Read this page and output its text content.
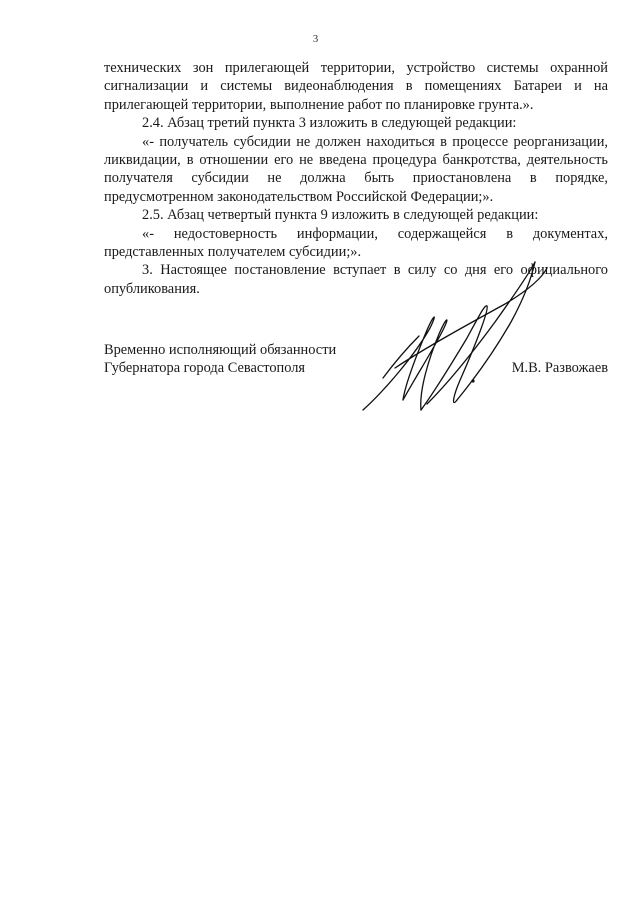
3

технических зон прилегающей территории, устройство системы охранной сигнализации и системы видеонаблюдения в помещениях Батареи и на прилегающей территории, выполнение работ по планировке грунта.».

2.4. Абзац третий пункта 3 изложить в следующей редакции:

«- получатель субсидии не должен находиться в процессе реорганизации, ликвидации, в отношении его не введена процедура банкротства, деятельность получателя субсидии не должна быть приостановлена в порядке, предусмотренном законодательством Российской Федерации;».

2.5. Абзац четвертый пункта 9 изложить в следующей редакции:

«- недостоверность информации, содержащейся в документах, представленных получателем субсидии;».

3. Настоящее постановление вступает в силу со дня его официального опубликования.

Временно исполняющий обязанности

Губернатора города Севастополя	М.В. Развожаев
